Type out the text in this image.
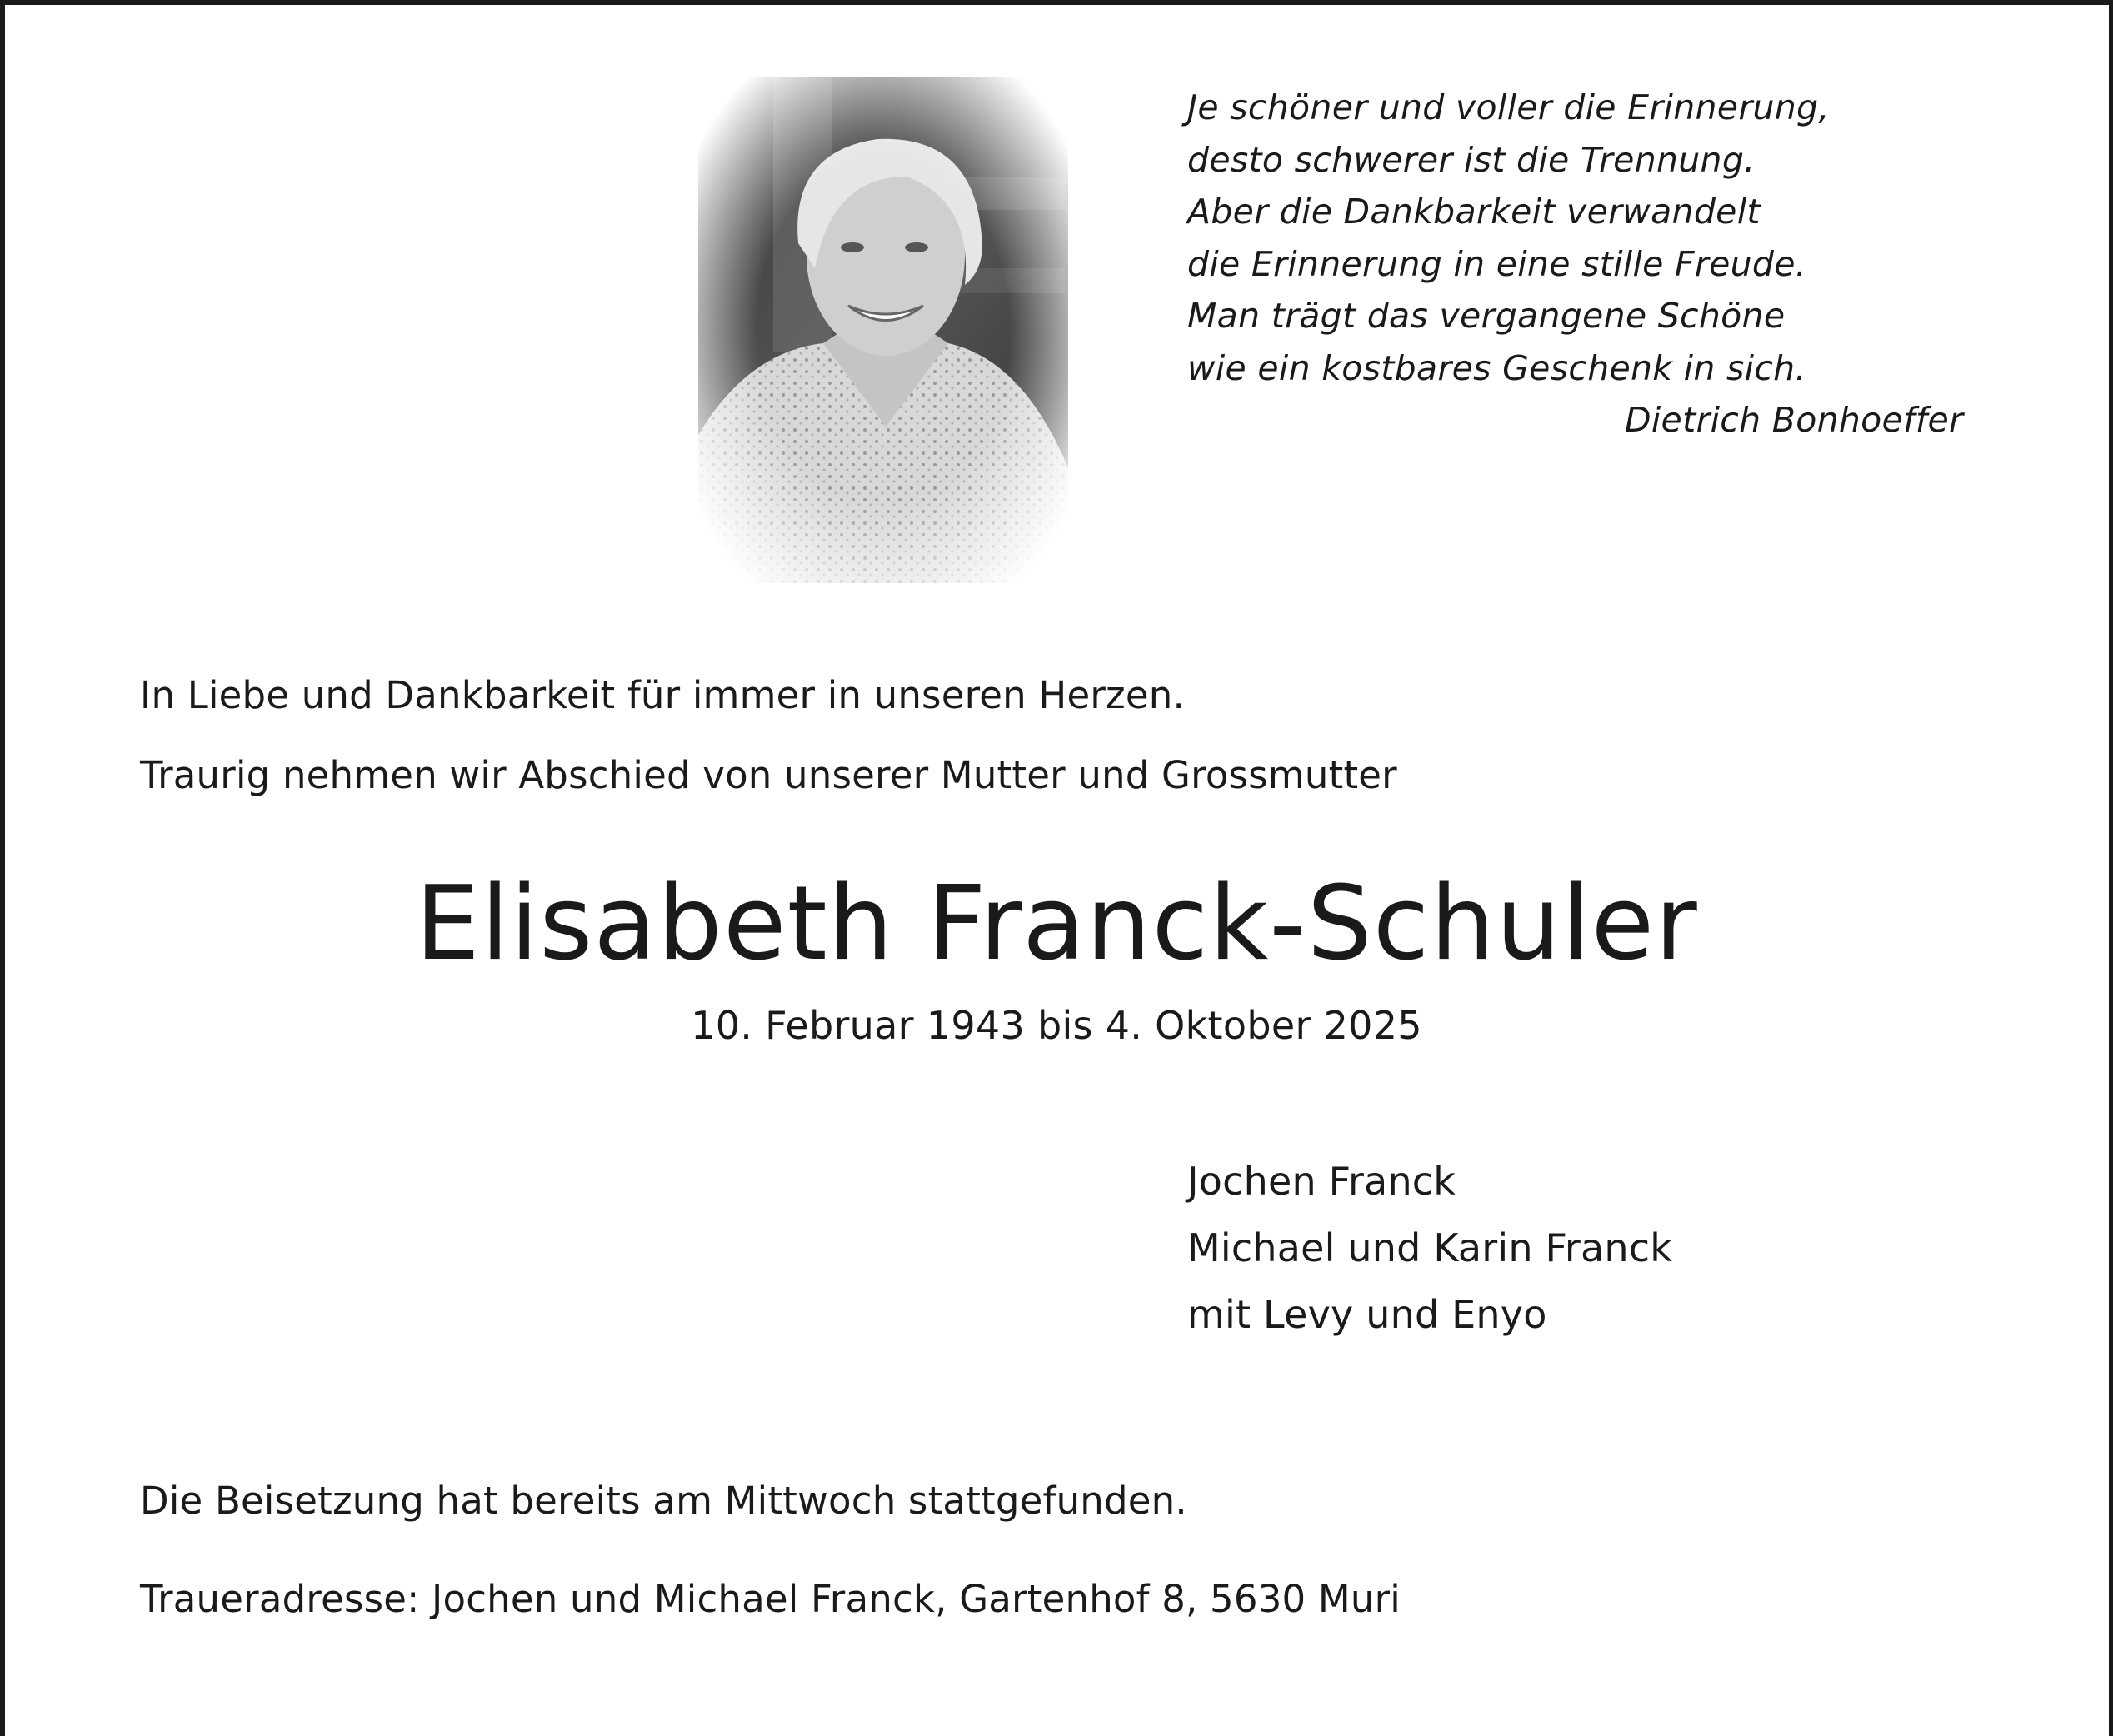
Je schöner und voller die Erinnerung,
desto schwerer ist die Trennung.
Aber die Dankbarkeit verwandelt
die Erinnerung in eine stille Freude.
Man trägt das vergangene Schöne
wie ein kostbares Geschenk in sich.
Dietrich Bonhoeffer
In Liebe und Dankbarkeit für immer in unseren Herzen.
Traurig nehmen wir Abschied von unserer Mutter und Grossmutter
Elisabeth Franck-Schuler
10. Februar 1943 bis 4. Oktober 2025
Jochen Franck
Michael und Karin Franck
mit Levy und Enyo
Die Beisetzung hat bereits am Mittwoch stattgefunden.
Traueradresse: Jochen und Michael Franck, Gartenhof 8, 5630 Muri
